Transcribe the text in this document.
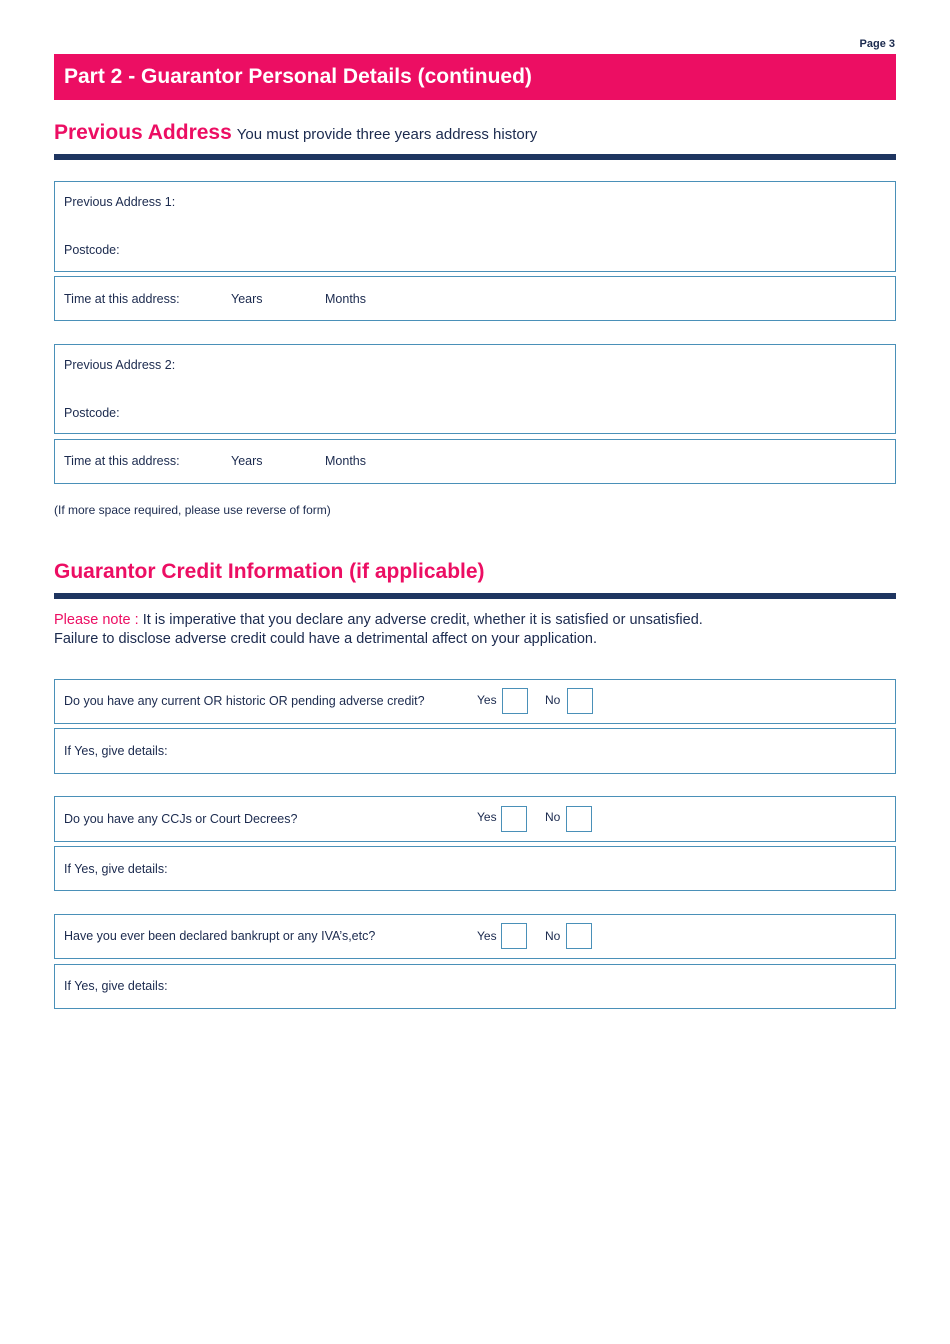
Page 3
Part 2 - Guarantor Personal Details (continued)
Previous Address You must provide three years address history
Previous Address 1:
Postcode:
Time at this address:	Years	Months
Previous Address 2:
Postcode:
Time at this address:	Years	Months
(If more space required, please use reverse of form)
Guarantor Credit Information (if applicable)
Please note : It is imperative that you declare any adverse credit, whether it is satisfied or unsatisfied.
Failure to disclose adverse credit could have a detrimental affect on your application.
Do you have any current OR historic OR pending adverse credit?	Yes	No
If Yes, give details:
Do you have any CCJs or Court Decrees?	Yes	No
If Yes, give details:
Have you ever been declared bankrupt or any IVA’s,etc?	Yes	No
If Yes, give details:
